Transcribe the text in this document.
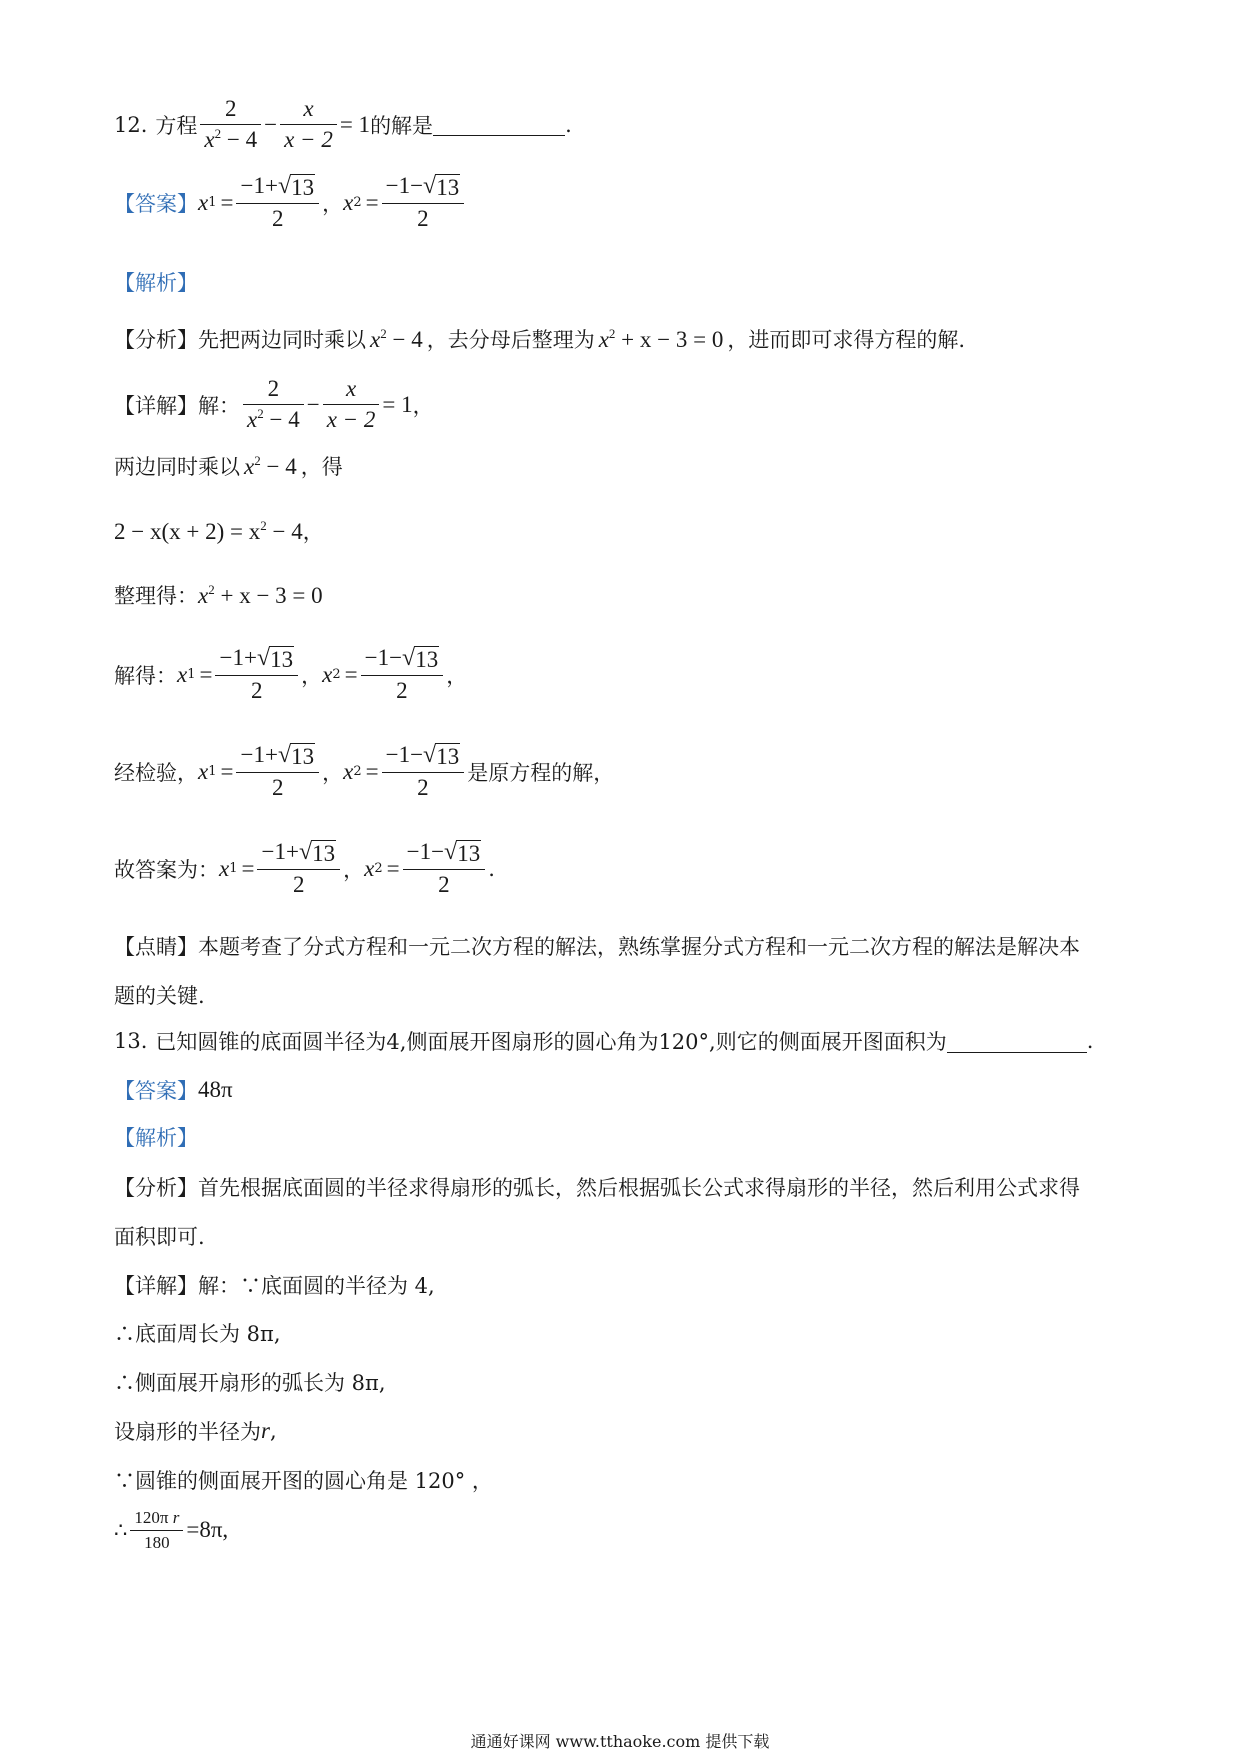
12. 方程 $\frac{2}{x^2 - 4} - \frac{x}{x - 2} = 1$ 的解是	.
【答案】 x $1 = \frac{-1+ √ 13}{2}$ ， x $2 = \frac{-1- √ 13}{2}$
【解析】
【分析】 先把两边同时乘以 $x^2 - 4$ ，去分母后整理为 $x^2 + x - 3 = 0$ ，进而即可求得方程的解.
【详解】 解： $\frac{2}{x^2 - 4} - \frac{x}{x - 2} = 1$ ，
两边同时乘以 $x^2 - 4$ ，得
$2 - x(x + 2) = x^2 - 4$ ，
整理得： $x^2 + x - 3 = 0$
解得： x $1 = \frac{-1+ √ 13}{2}$ ， x $2 = \frac{-1- √ 13}{2}$ ，
经检验， x $1 = \frac{-1+ √ 13}{2}$ ， x $2 = \frac{-1- √ 13}{2}$ 是原方程的解，
故答案为： x $1 = \frac{-1+ √ 13}{2}$ ， x $2 = \frac{-1- √ 13}{2}$ .
【点睛】 本题考查了分式方程和一元二次方程的解法，熟练掌握分式方程和一元二次方程的解法是解决本
题的关键.
13. 已知圆锥的底面圆半径为4,侧面展开图扇形的圆心角为120°,则它的侧面展开图面积为	.
【答案】 48π
【解析】
【分析】 首先根据底面圆的半径求得扇形的弧长，然后根据弧长公式求得扇形的半径，然后利用公式求得
面积即可.
【详解】 解：∵底面圆的半径为 4,
∴底面周长为 8π,
∴侧面展开扇形的弧长为 8π,
设扇形的半径为 r ,
∵圆锥的侧面展开图的圆心角是 120° ，
∴ $\frac{\text{120π r}}{180} =8\pi$,
通通好课网 www.tthaoke.com 提供下载
